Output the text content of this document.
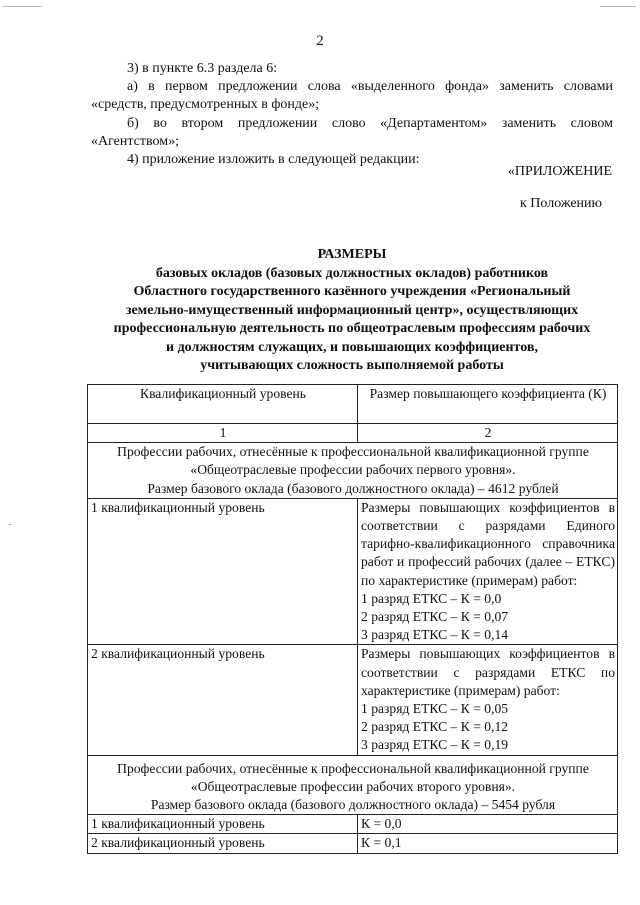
2
3) в пункте 6.3 раздела 6:
а) в первом предложении слова «выделенного фонда» заменить словами «средств, предусмотренных в фонде»;
б) во втором предложении слово «Департаментом» заменить словом «Агентством»;
4) приложение изложить в следующей редакции:
«ПРИЛОЖЕНИЕ
к Положению
РАЗМЕРЫ
базовых окладов (базовых должностных окладов) работников
Областного государственного казённого учреждения «Региональный
земельно-имущественный информационный центр», осуществляющих
профессиональную деятельность по общеотраслевым профессиям рабочих
и должностям служащих, и повышающих коэффициентов,
учитывающих сложность выполняемой работы
-
Квалификационный уровень	Размер повышающего коэффициента (К)
1	2

Профессии рабочих, отнесённые к профессиональной квалификационной группе «Общеотраслевые профессии рабочих первого уровня».
Размер базового оклада (базового должностного оклада) – 4612 рублей	

1 квалификационный уровень	Размеры повышающих коэффициентов в соответствии с разрядами Единого тарифно-квалификационного справочника работ и профессий рабочих (далее – ЕТКС) по характеристике (примерам) работ:
1 разряд ЕТКС – К = 0,0
2 разряд ЕТКС – К = 0,07
3 разряд ЕТКС – К = 0,14

2 квалификационный уровень	Размеры повышающих коэффициентов в соответствии с разрядами ЕТКС по характеристике (примерам) работ:
1 разряд ЕТКС – К = 0,05
2 разряд ЕТКС – К = 0,12
3 разряд ЕТКС – К = 0,19

Профессии рабочих, отнесённые к профессиональной квалификационной группе «Общеотраслевые профессии рабочих второго уровня».
Размер базового оклада (базового должностного оклада) – 5454 рубля	

1 квалификационный уровень	К = 0,0
2 квалификационный уровень	К = 0,1
